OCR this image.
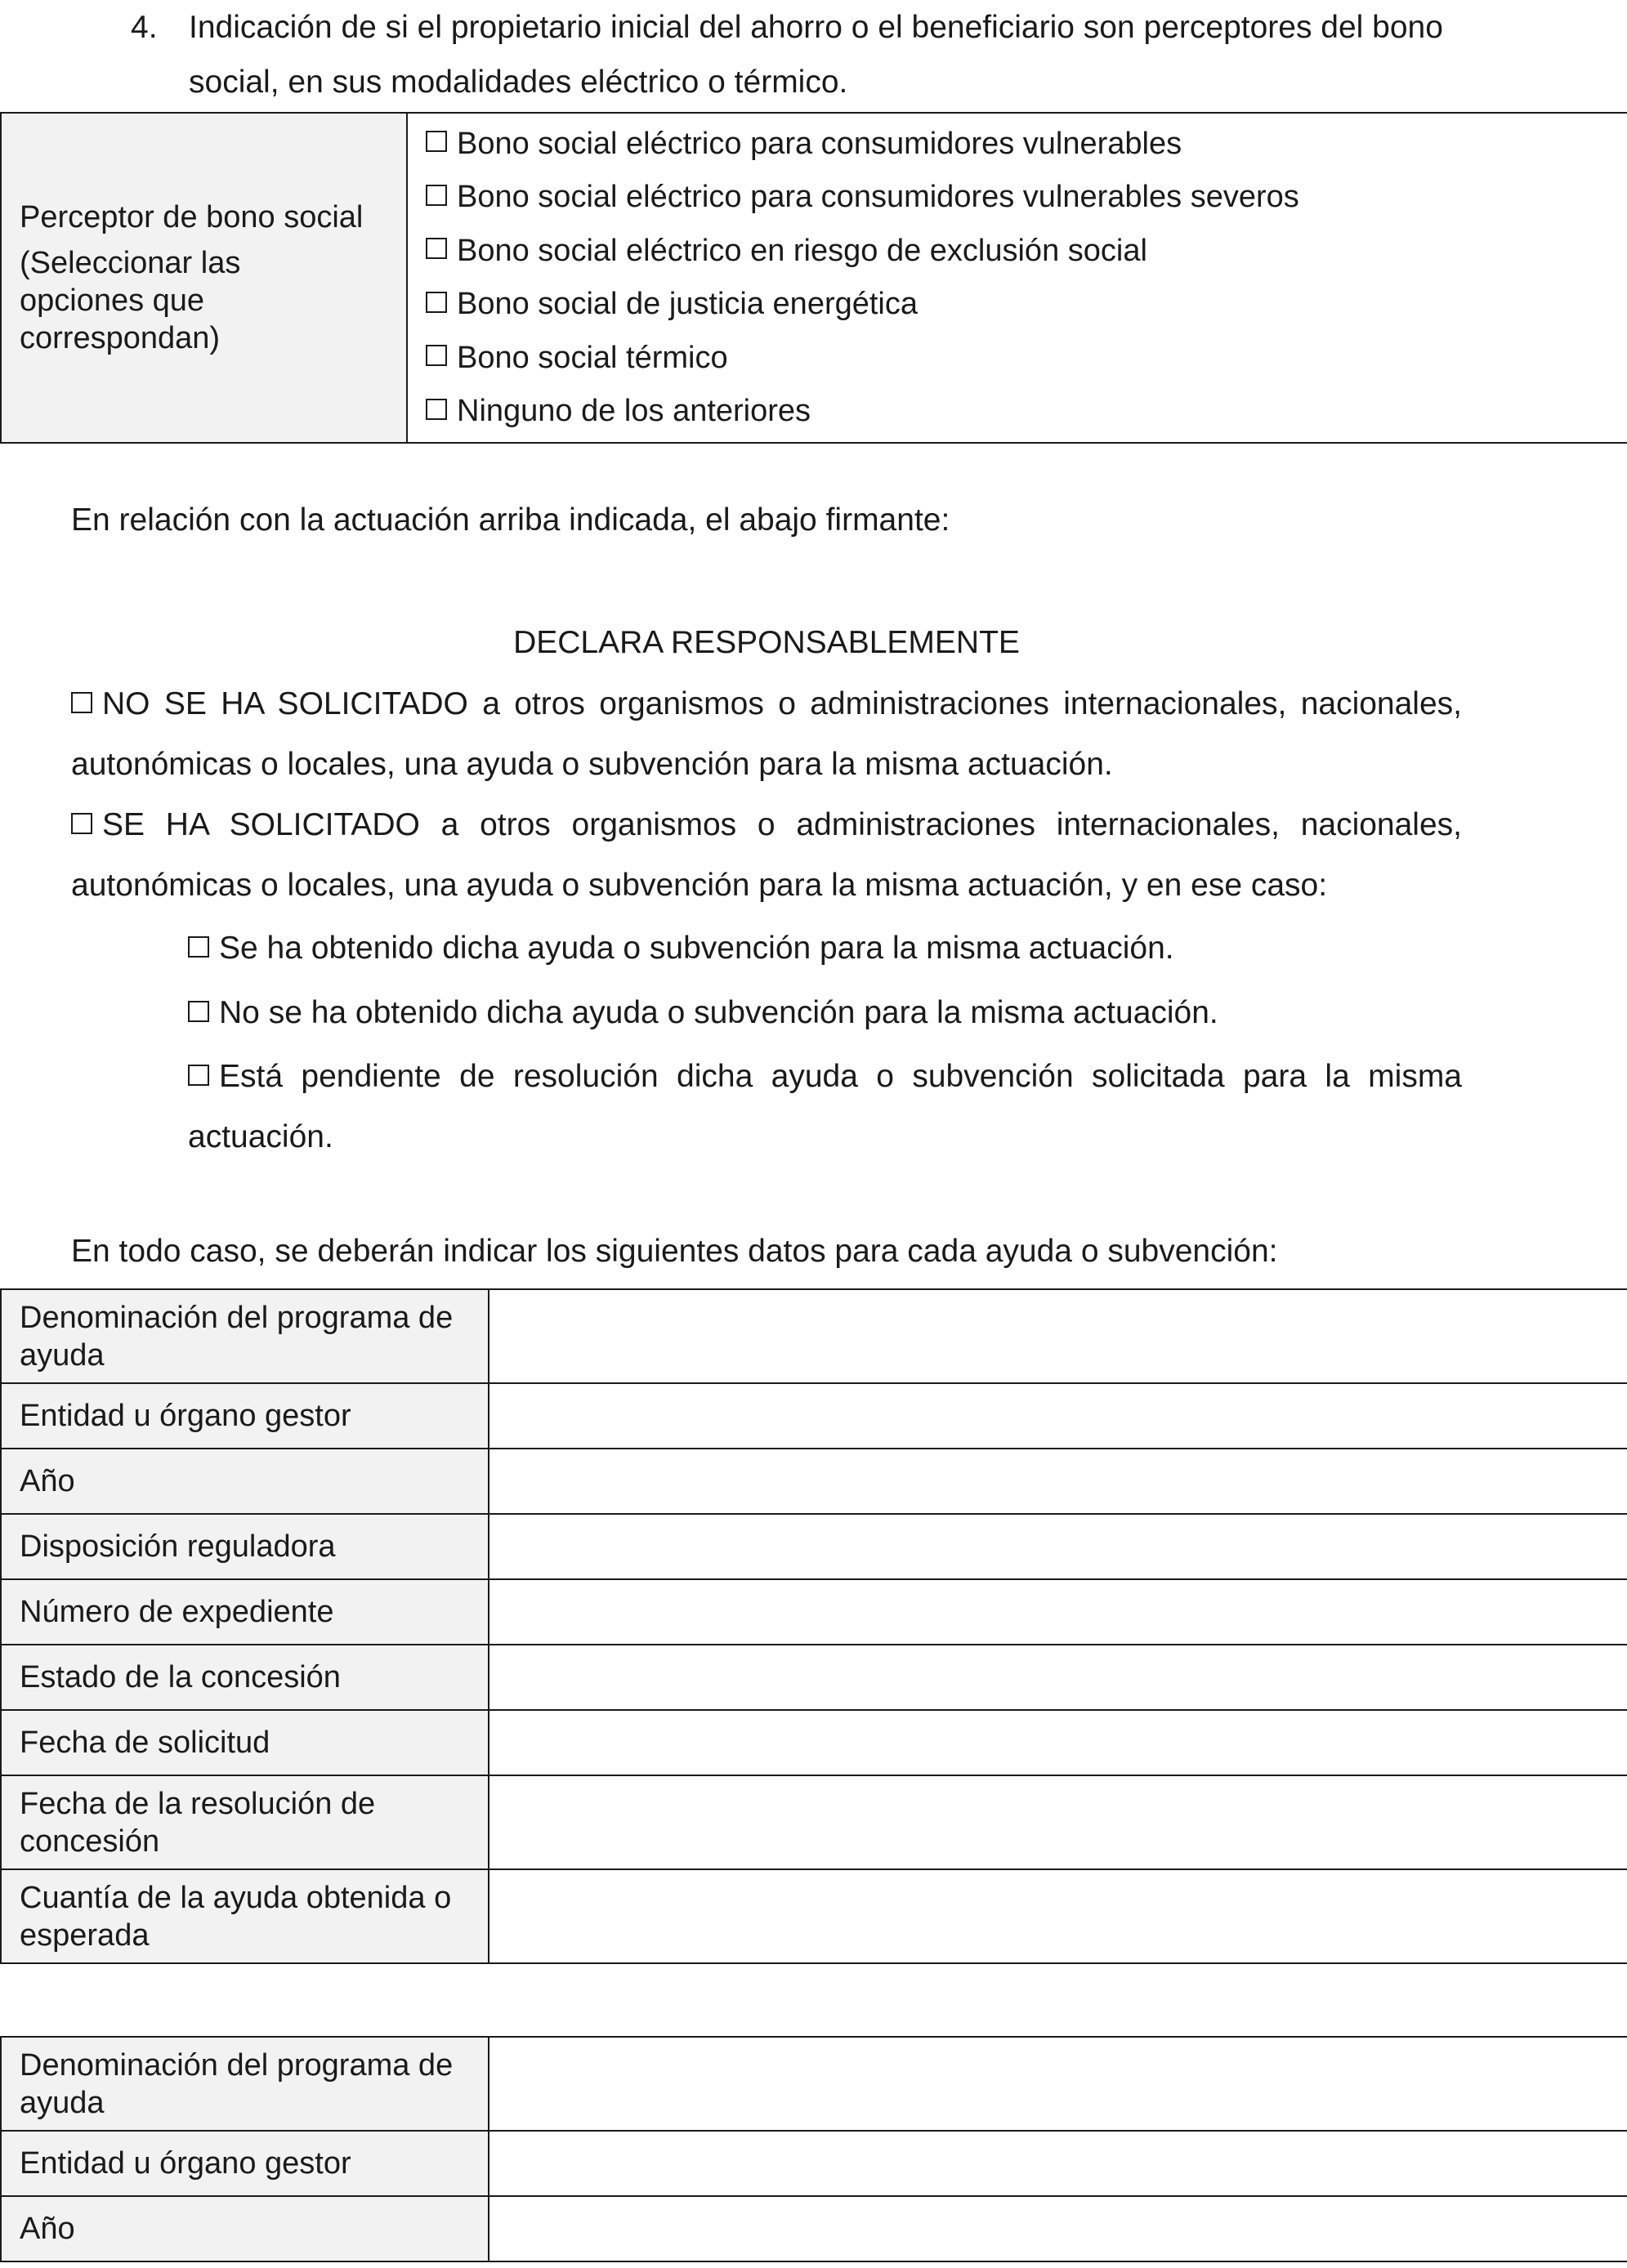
4. Indicación de si el propietario inicial del ahorro o el beneficiario son perceptores del bono social, en sus modalidades eléctrico o térmico.
Perceptor de bono social
(Seleccionar las opciones que correspondan)

Bono social eléctrico para consumidores vulnerables
Bono social eléctrico para consumidores vulnerables severos
Bono social eléctrico en riesgo de exclusión social
Bono social de justicia energética
Bono social térmico
Ninguno de los anteriores
En relación con la actuación arriba indicada, el abajo firmante:
DECLARA RESPONSABLEMENTE
NO SE HA SOLICITADO a otros organismos o administraciones internacionales, nacionales, autonómicas o locales, una ayuda o subvención para la misma actuación.
SE HA SOLICITADO a otros organismos o administraciones internacionales, nacionales, autonómicas o locales, una ayuda o subvención para la misma actuación, y en ese caso:
Se ha obtenido dicha ayuda o subvención para la misma actuación.
No se ha obtenido dicha ayuda o subvención para la misma actuación.
Está pendiente de resolución dicha ayuda o subvención solicitada para la misma actuación.
En todo caso, se deberán indicar los siguientes datos para cada ayuda o subvención:
Denominación del programa de ayuda	
Entidad u órgano gestor	
Año	
Disposición reguladora	
Número de expediente	
Estado de la concesión	
Fecha de solicitud	
Fecha de la resolución de concesión	
Cuantía de la ayuda obtenida o esperada	
Denominación del programa de ayuda	
Entidad u órgano gestor	
Año	
